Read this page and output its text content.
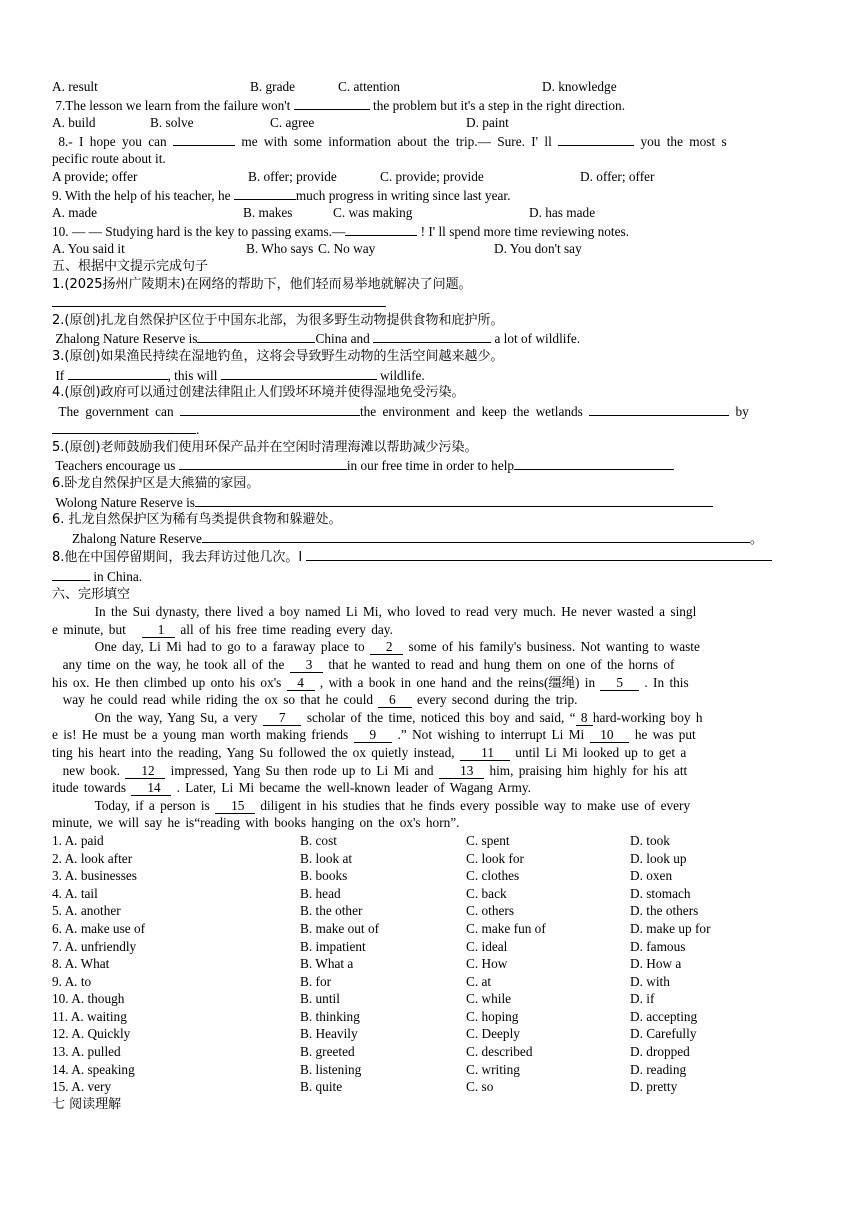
A. result	B. grade	C. attention	D. knowledge
7.The lesson we learn from the failure won't	the problem but it's a step in the right direction.
A. build	B. solve	C. agree	D. paint
8.- I hope you can	me with some information about the trip.— Sure. I' ll	you the most s
pecific route about it.
A provide; offer	B. offer; provide	C. provide; provide	D. offer; offer
9. With the help of his teacher, he	much progress in writing since last year.
A. made	B. makes	C. was making	D. has made
10. — — Studying hard is the key to passing exams.—	! I' ll spend more time reviewing notes.
A. You said it	B. Who says C. No way	D. You don't say
五、根据中文提示完成句子
1.(2025扬州广陵期末)在网络的帮助下，他们轻而易举地就解决了问题。
2.(原创)扎龙自然保护区位于中国东北部，为很多野生动物提供食物和庇护所。
Zhalong Nature Reserve is	China and	a lot of wildlife.
3.(原创)如果渔民持续在湿地钓鱼，这将会导致野生动物的生活空间越来越少。
If	, this will	wildlife.
4.(原创)政府可以通过创建法律阻止人们毁坏环境并使得湿地免受污染。
The government can	the environment and keep the wetlands	by
.
5.(原创)老师鼓励我们使用环保产品并在空闲时清理海滩以帮助减少污染。
Teachers encourage us	in our free time in order to help
6.卧龙自然保护区是大熊猫的家园。
Wolong Nature Reserve is
6. 扎龙自然保护区为稀有鸟类提供食物和躲避处。
Zhalong Nature Reserve	。
8.他在中国停留期间，我去拜访过他几次。I
in China.
六、完形填空
In the Sui dynasty, there lived a boy named Li Mi, who loved to read very much. He never wasted a singl
e minute, but 1 all of his free time reading every day.
One day, Li Mi had to go to a faraway place to 2 some of his family's business. Not wanting to waste
any time on the way, he took all of the 3 that he wanted to read and hung them on one of the horns of
his ox. He then climbed up onto his ox's 4 , with a book in one hand and the reins(缰绳) in 5 . In this
way he could read while riding the ox so that he could 6 every second during the trip.
On the way, Yang Su, a very 7 scholar of the time, noticed this boy and said, “ 8 hard-working boy h
e is! He must be a young man worth making friends 9 .” Not wishing to interrupt Li Mi 10 he was put
ting his heart into the reading, Yang Su followed the ox quietly instead, 11 until Li Mi looked up to get a
new book. 12 impressed, Yang Su then rode up to Li Mi and 13 him, praising him highly for his att
itude towards 14 . Later, Li Mi became the well-known leader of Wagang Army.
Today, if a person is 15 diligent in his studies that he finds every possible way to make use of every
minute, we will say he is“reading with books hanging on the ox's horn”.
1. A. paid	B. cost	C. spent	D. took
2. A. look after	B. look at	C. look for	D. look up
3. A. businesses	B. books	C. clothes	D. oxen
4. A. tail	B. head	C. back	D. stomach
5. A. another	B. the other	C. others	D. the others
6. A. make use of	B. make out of	C. make fun of	D. make up for
7. A. unfriendly	B. impatient	C. ideal	D. famous
8. A. What	B. What a	C. How	D. How a
9. A. to	B. for	C. at	D. with
10. A. though	B. until	C. while	D. if
11. A. waiting	B. thinking	C. hoping	D. accepting
12. A. Quickly	B. Heavily	C. Deeply	D. Carefully
13. A. pulled	B. greeted	C. described	D. dropped
14. A. speaking	B. listening	C. writing	D. reading
15. A. very	B. quite	C. so	D. pretty
七 阅读理解
